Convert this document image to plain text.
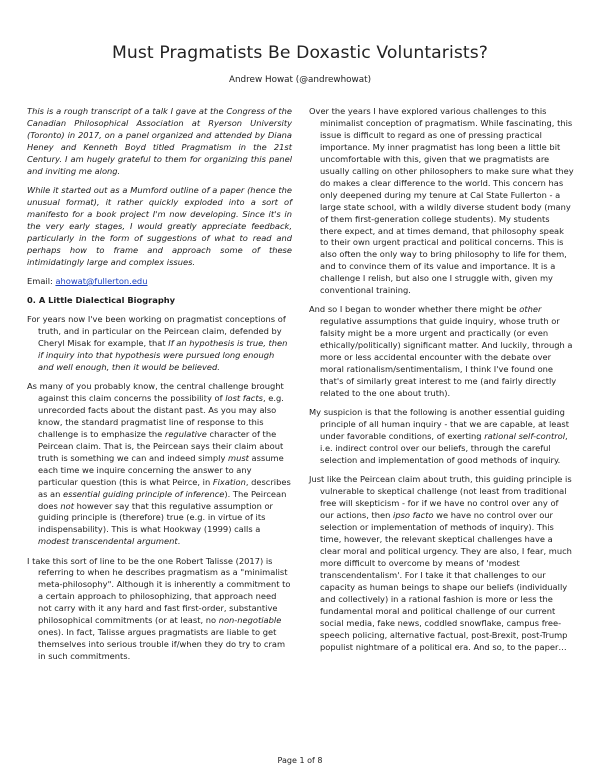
Must Pragmatists Be Doxastic Voluntarists?
Andrew Howat (@andrewhowat)

This is a rough transcript of a talk I gave at the Congress of the Canadian Philosophical Association at Ryerson University (Toronto) in 2017, on a panel organized and attended by Diana Heney and Kenneth Boyd titled Pragmatism in the 21st Century. I am hugely grateful to them for organizing this panel and inviting me along.

While it started out as a Mumford outline of a paper (hence the unusual format), it rather quickly exploded into a sort of manifesto for a book project I'm now developing. Since it's in the very early stages, I would greatly appreciate feedback, particularly in the form of suggestions of what to read and perhaps how to frame and approach some of these intimidatingly large and complex issues.

Email: ahowat@fullerton.edu

0. A Little Dialectical Biography

For years now I've been working on pragmatist conceptions of truth, and in particular on the Peircean claim, defended by Cheryl Misak for example, that If an hypothesis is true, then if inquiry into that hypothesis were pursued long enough and well enough, then it would be believed.

As many of you probably know, the central challenge brought against this claim concerns the possibility of lost facts, e.g. unrecorded facts about the distant past. As you may also know, the standard pragmatist line of response to this challenge is to emphasize the regulative character of the Peircean claim. That is, the Peircean says their claim about truth is something we can and indeed simply must assume each time we inquire concerning the answer to any particular question (this is what Peirce, in Fixation, describes as an essential guiding principle of inference). The Peircean does not however say that this regulative assumption or guiding principle is (therefore) true (e.g. in virtue of its indispensability). This is what Hookway (1999) calls a modest transcendental argument.

I take this sort of line to be the one Robert Talisse (2017) is referring to when he describes pragmatism as a "minimalist meta-philosophy". Although it is inherently a commitment to a certain approach to philosophizing, that approach need not carry with it any hard and fast first-order, substantive philosophical commitments (or at least, no non-negotiable ones). In fact, Talisse argues pragmatists are liable to get themselves into serious trouble if/when they do try to cram in such commitments.

Over the years I have explored various challenges to this minimalist conception of pragmatism. While fascinating, this issue is difficult to regard as one of pressing practical importance. My inner pragmatist has long been a little bit uncomfortable with this, given that we pragmatists are usually calling on other philosophers to make sure what they do makes a clear difference to the world. This concern has only deepened during my tenure at Cal State Fullerton - a large state school, with a wildly diverse student body (many of them first-generation college students). My students there expect, and at times demand, that philosophy speak to their own urgent practical and political concerns. This is also often the only way to bring philosophy to life for them, and to convince them of its value and importance. It is a challenge I relish, but also one I struggle with, given my conventional training.

And so I began to wonder whether there might be other regulative assumptions that guide inquiry, whose truth or falsity might be a more urgent and practically (or even ethically/politically) significant matter. And luckily, through a more or less accidental encounter with the debate over moral rationalism/sentimentalism, I think I've found one that's of similarly great interest to me (and fairly directly related to the one about truth).

My suspicion is that the following is another essential guiding principle of all human inquiry - that we are capable, at least under favorable conditions, of exerting rational self-control, i.e. indirect control over our beliefs, through the careful selection and implementation of good methods of inquiry.

Just like the Peircean claim about truth, this guiding principle is vulnerable to skeptical challenge (not least from traditional free will skepticism - for if we have no control over any of our actions, then ipso facto we have no control over our selection or implementation of methods of inquiry). This time, however, the relevant skeptical challenges have a clear moral and political urgency. They are also, I fear, much more difficult to overcome by means of 'modest transcendentalism'. For I take it that challenges to our capacity as human beings to shape our beliefs (individually and collectively) in a rational fashion is more or less the fundamental moral and political challenge of our current social media, fake news, coddled snowflake, campus free-speech policing, alternative factual, post-Brexit, post-Trump populist nightmare of a political era. And so, to the paper…

Page 1 of 8
